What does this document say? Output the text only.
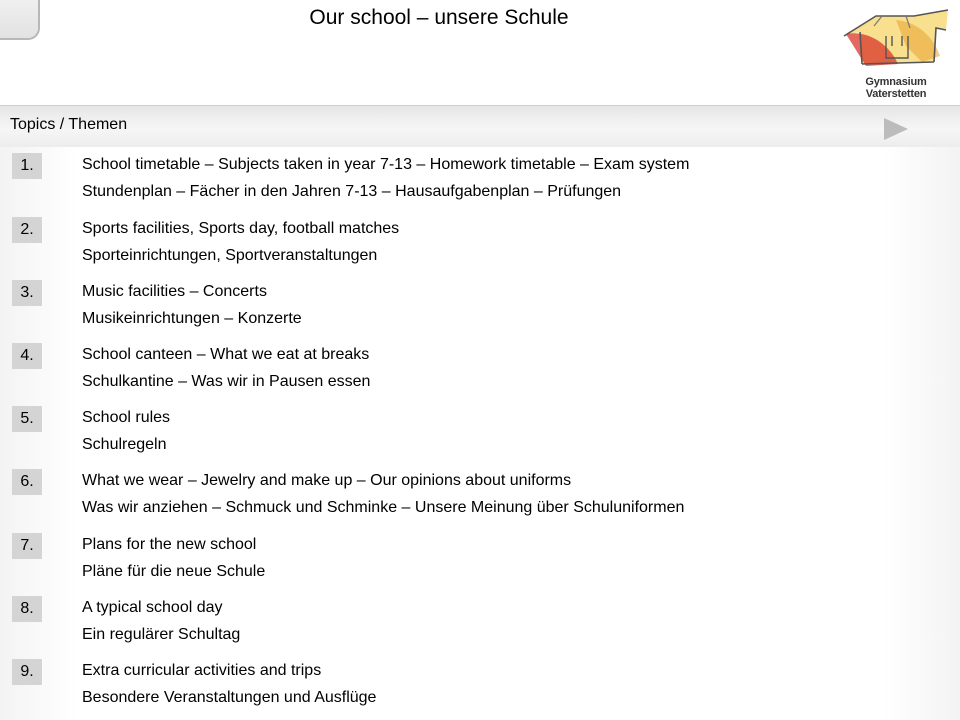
Our school – unsere Schule
Gymnasium Vaterstetten
Topics / Themen
1.	School timetable – Subjects taken in year 7-13 – Homework timetable – Exam system
Stundenplan – Fächer in den Jahren 7-13 – Hausaufgabenplan – Prüfungen
2.	Sports facilities, Sports day, football matches
Sporteinrichtungen, Sportveranstaltungen
3.	Music facilities – Concerts
Musikeinrichtungen – Konzerte
4.	School canteen – What we eat at breaks
Schulkantine – Was wir in Pausen essen
5.	School rules
Schulregeln
6.	What we wear – Jewelry and make up – Our opinions about uniforms
Was wir anziehen – Schmuck und Schminke – Unsere Meinung über Schuluniformen
7.	Plans for the new school
Pläne für die neue Schule
8.	A typical school day
Ein regulärer Schultag
9.	Extra curricular activities and trips
Besondere Veranstaltungen und Ausflüge
